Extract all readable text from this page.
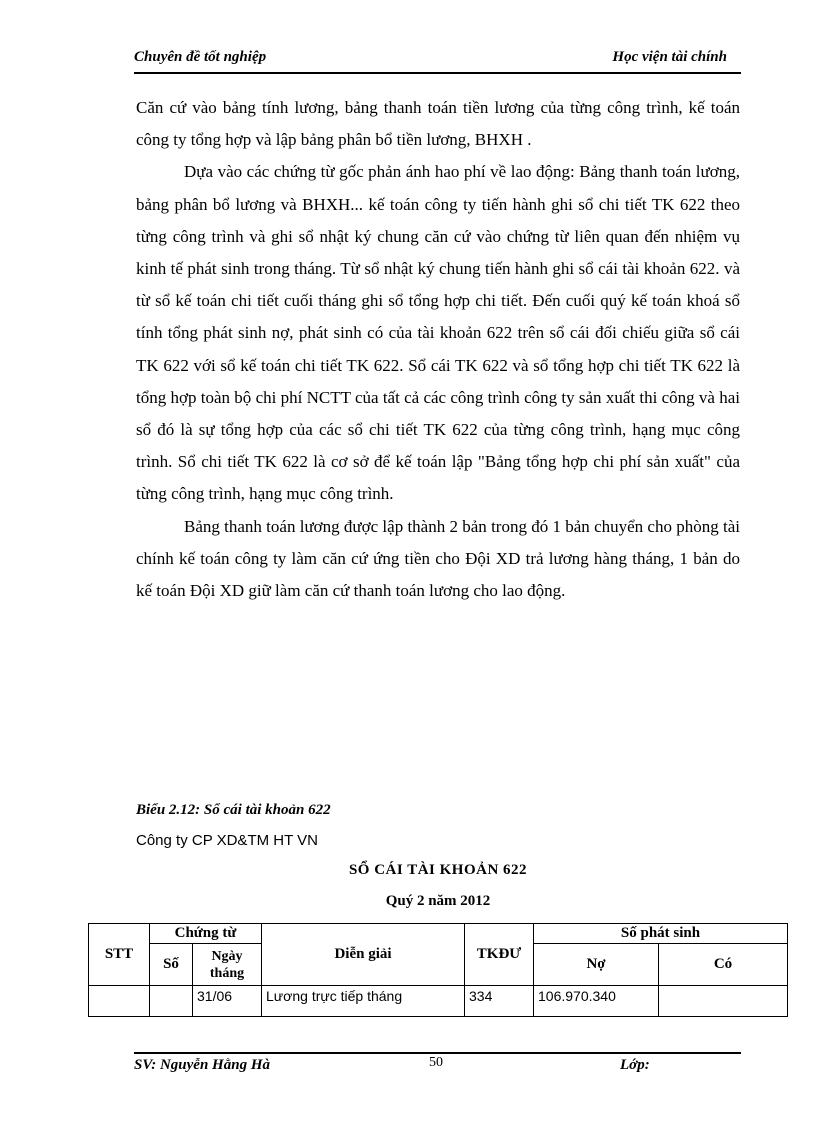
Chuyên đề tốt nghiệp	Học viện tài chính

Căn cứ vào bảng tính lương, bảng thanh toán tiền lương của từng công trình, kế toán công ty tổng hợp và lập bảng phân bổ tiền lương, BHXH .

Dựa vào các chứng từ gốc phản ánh hao phí về lao động: Bảng thanh toán lương, bảng phân bổ lương và BHXH... kế toán công ty tiến hành ghi sổ chi tiết TK 622 theo từng công trình và ghi sổ nhật ký chung căn cứ vào chứng từ liên quan đến nhiệm vụ kinh tế phát sinh trong tháng. Từ sổ nhật ký chung tiến hành ghi sổ cái tài khoản 622. và từ sổ kế toán chi tiết cuối tháng ghi sổ tổng hợp chi tiết. Đến cuối quý kế toán khoá sổ tính tổng phát sinh nợ, phát sinh có của tài khoản 622 trên sổ cái đối chiếu giữa sổ cái TK 622 với sổ kế toán chi tiết TK 622. Sổ cái TK 622 và sổ tổng hợp chi tiết TK 622 là tổng hợp toàn bộ chi phí NCTT của tất cả các công trình công ty sản xuất thi công và hai sổ đó là sự tổng hợp của các sổ chi tiết TK 622 của từng công trình, hạng mục công trình. Sổ chi tiết TK 622 là cơ sở để kế toán lập "Bảng tổng hợp chi phí sản xuất" của từng công trình, hạng mục công trình.

Bảng thanh toán lương được lập thành 2 bản trong đó 1 bản chuyển cho phòng tài chính kế toán công ty làm căn cứ ứng tiền cho Đội XD trả lương hàng tháng, 1 bản do kế toán Đội XD giữ làm căn cứ thanh toán lương cho lao động.

Biểu 2.12: Sổ cái tài khoản 622
Công ty CP XD&TM HT VN
SỔ CÁI TÀI KHOẢN 622
Quý 2 năm 2012
STT	Chứng từ		Diễn giải	TKĐƯ	Số phát sinh	
	Số	Ngày tháng			Nợ	Có
		31/06	Lương trực tiếp tháng	334	106.970.340	
SV: Nguyễn Hằng Hà	50	Lớp:
